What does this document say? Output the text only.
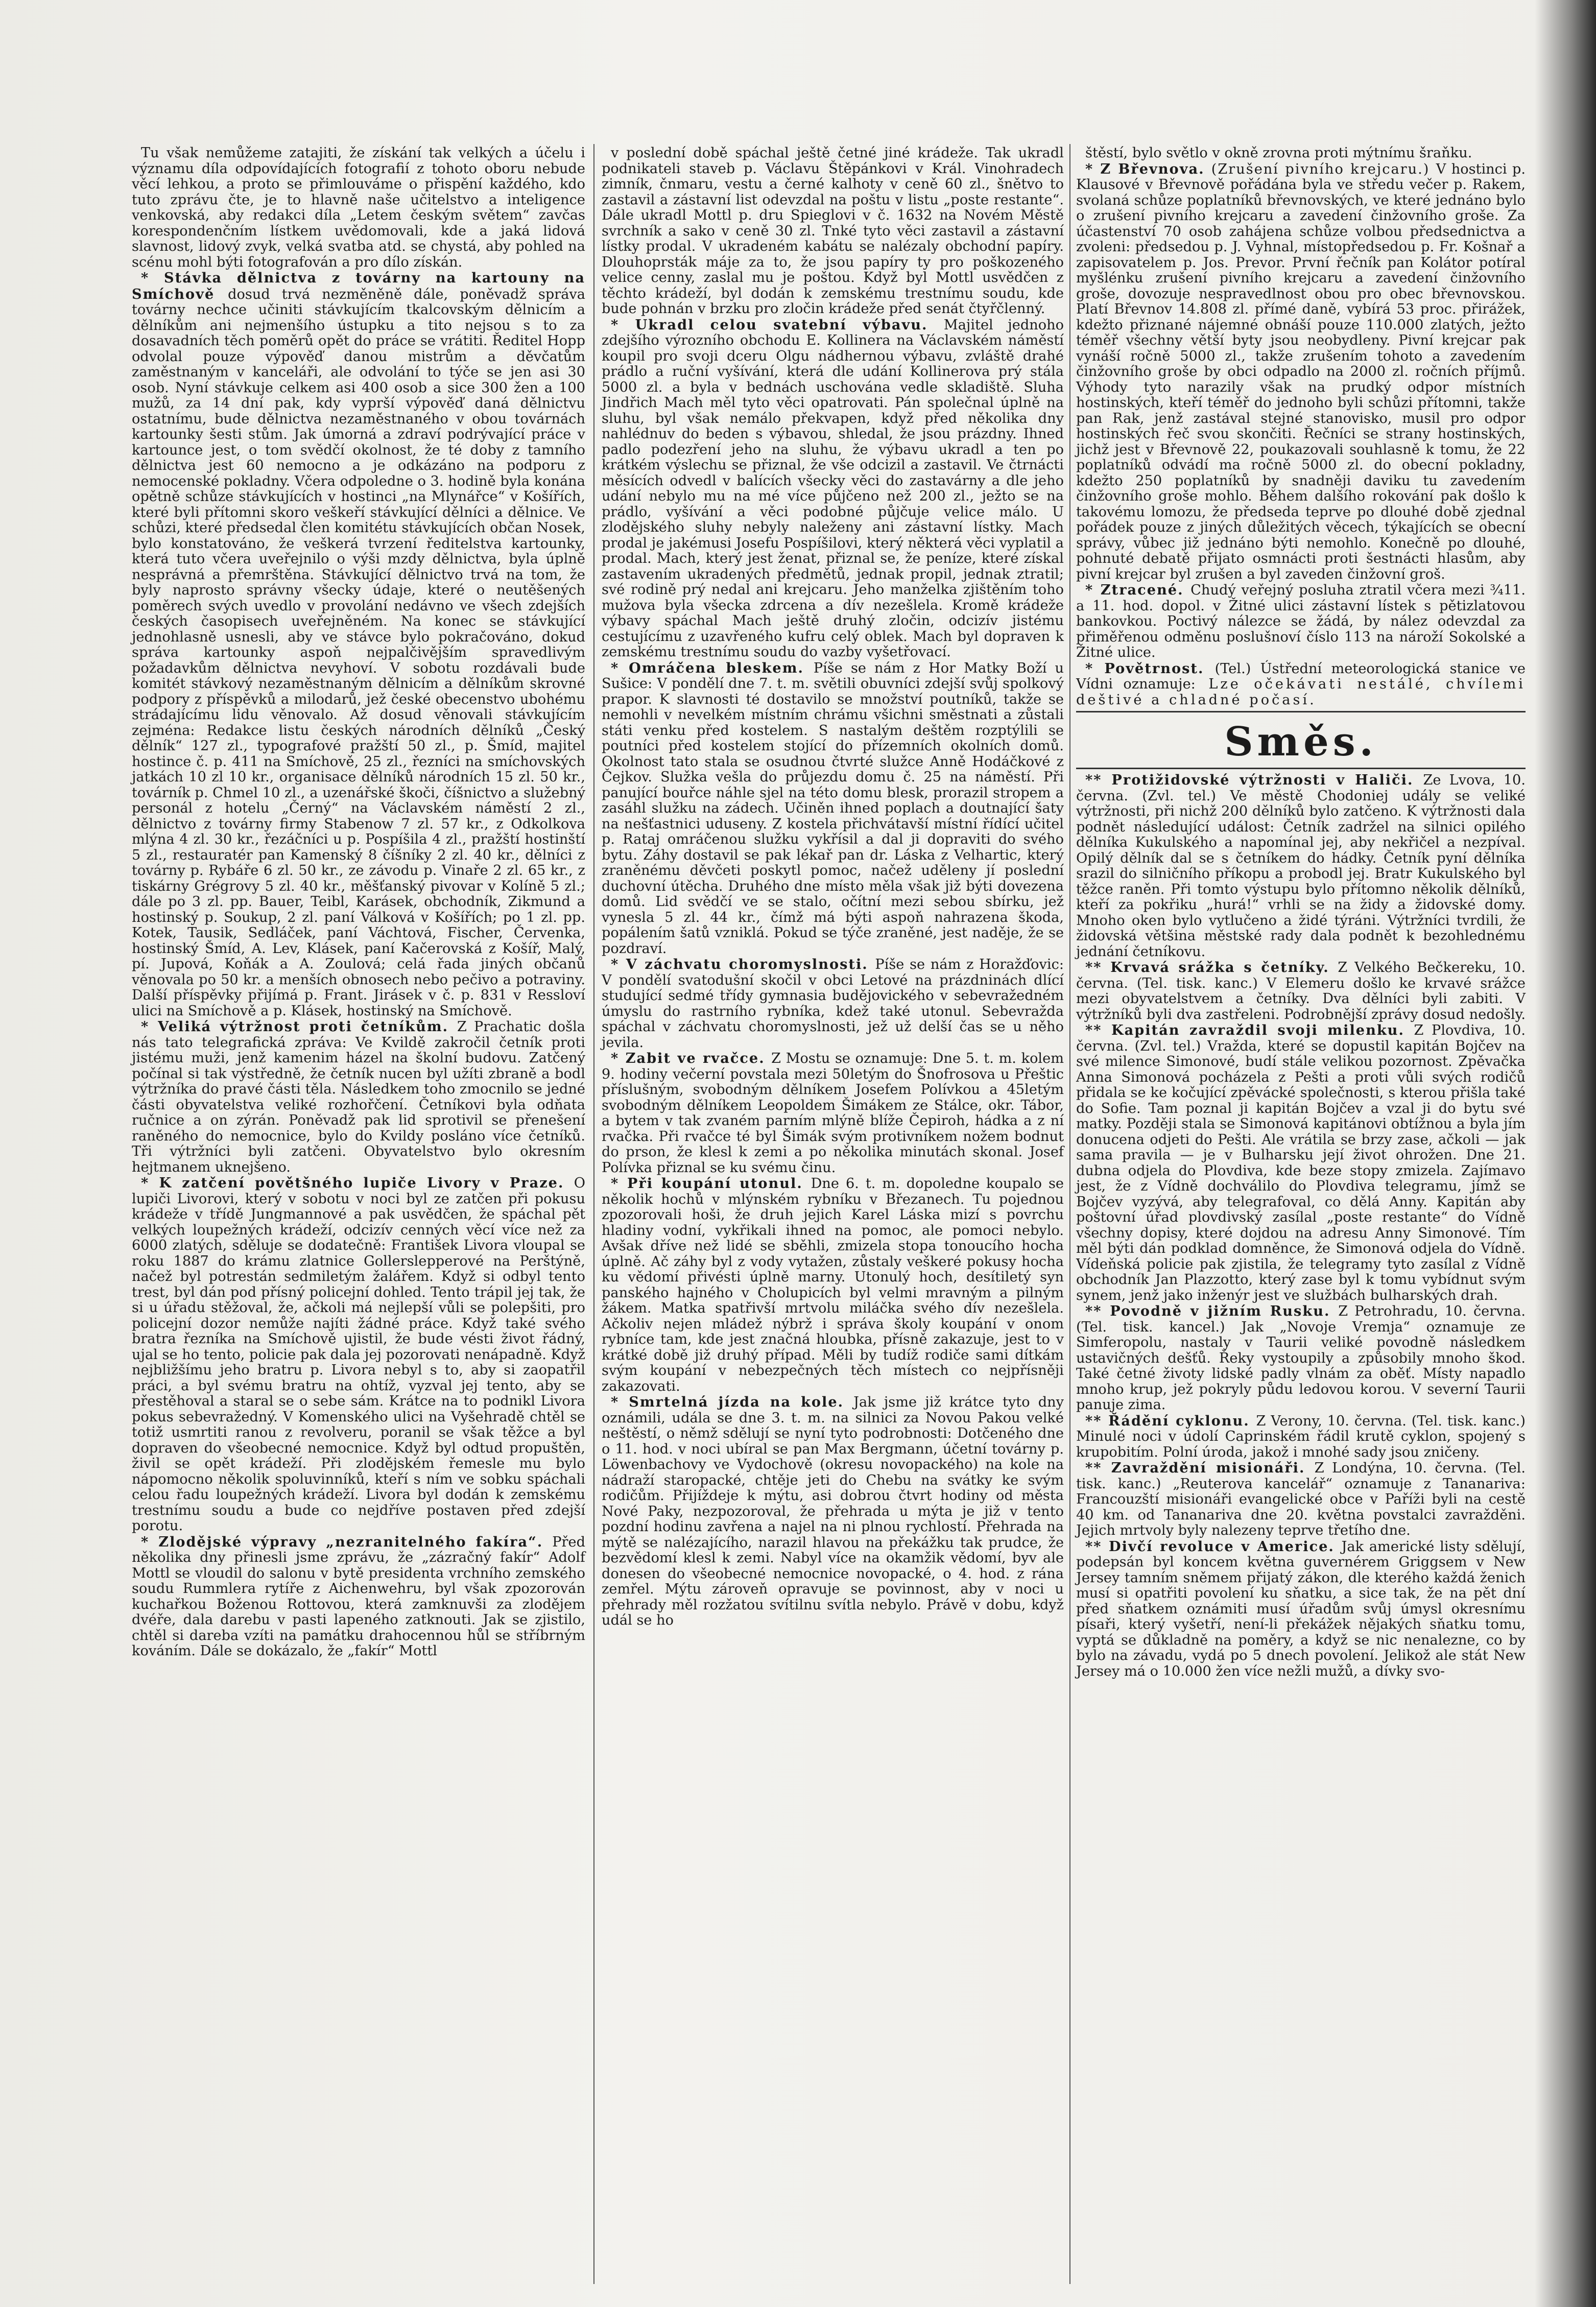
Tu však nemůžeme zatajiti, že získání tak velkých a účelu i významu díla odpovídajících fotografií z tohoto oboru nebude věcí lehkou, a proto se přimlouváme o přispění každého, kdo tuto zprávu čte, je to hlavně naše učitelstvo a inteligence venkovská, aby redakci díla „Letem českým světem“ zavčas korespondenčním lístkem uvědomovali, kde a jaká lidová slavnost, lidový zvyk, velká svatba atd. se chystá, aby pohled na scénu mohl býti fotografován a pro dílo získán.

* Stávka dělnictva z továrny na kartouny na Smíchově dosud trvá nezměněně dále, poněvadž správa továrny nechce učiniti stávkujícím tkalcovským dělnicím a dělníkům ani nejmenšího ústupku a tito nejsou s to za dosavadních těch poměrů opět do práce se vrátiti. Ředitel Hopp odvolal pouze výpověď danou mistrům a děvčatům zaměstnaným v kanceláři, ale odvolání to týče se jen asi 30 osob. Nyní stávkuje celkem asi 400 osob a sice 300 žen a 100 mužů, za 14 dní pak, kdy vyprší výpověď daná dělnictvu ostatnímu, bude dělnictva nezaměstnaného v obou továrnách kartounky šesti stům. Jak úmorná a zdraví podrývající práce v kartounce jest, o tom svědčí okolnost, že té doby z tamního dělnictva jest 60 nemocno a je odkázáno na podporu z nemocenské pokladny. Včera odpoledne o 3. hodině byla konána opětně schůze stávkujících v hostinci „na Mlynářce“ v Košířích, které byli přítomni skoro veškeří stávkující dělníci a dělnice. Ve schůzi, které předsedal člen komitétu stávkujících občan Nosek, bylo konstatováno, že veškerá tvrzení ředitelstva kartounky, která tuto včera uveřejnilo o výši mzdy dělnictva, byla úplně nesprávná a přemrštěna. Stávkující dělnictvo trvá na tom, že byly naprosto správny všecky údaje, které o neutěšených poměrech svých uvedlo v provolání nedávno ve všech zdejších českých časopisech uveřejněném. Na konec se stávkující jednohlasně usnesli, aby ve stávce bylo pokračováno, dokud správa kartounky aspoň nejpalčivějším spravedlivým požadavkům dělnictva nevyhoví. V sobotu rozdávali bude komitét stávkový nezaměstnaným dělnicím a dělníkům skrovné podpory z příspěvků a milodarů, jež české obecenstvo ubohému strádajícímu lidu věnovalo. Až dosud věnovali stávkujícím zejména: Redakce listu českých národních dělníků „Český dělník“ 127 zl., typografové pražští 50 zl., p. Šmíd, majitel hostince č. p. 411 na Smíchově, 25 zl., řezníci na smíchovských jatkách 10 zl 10 kr., organisace dělníků národních 15 zl. 50 kr., továrník p. Chmel 10 zl., a uzenářské škoči, číšnictvo a služebný personál z hotelu „Černý“ na Václavském náměstí 2 zl., dělnictvo z továrny firmy Stabenow 7 zl. 57 kr., z Odkolkova mlýna 4 zl. 30 kr., řezáčníci u p. Pospíšila 4 zl., pražští hostinští 5 zl., restauratér pan Kamenský 8 číšníky 2 zl. 40 kr., dělníci z továrny p. Rybáře 6 zl. 50 kr., ze závodu p. Vinaře 2 zl. 65 kr., z tiskárny Grégrovy 5 zl. 40 kr., měšťanský pivovar v Kolíně 5 zl.; dále po 3 zl. pp. Bauer, Teibl, Karásek, obchodník, Zikmund a hostinský p. Soukup, 2 zl. paní Válková v Košířích; po 1 zl. pp. Kotek, Tausik, Sedláček, paní Váchtová, Fischer, Červenka, hostinský Šmíd, A. Lev, Klásek, paní Kačerovská z Košíř, Malý, pí. Jupová, Koňák a A. Zoulová; celá řada jiných občanů věnovala po 50 kr. a menších obnosech nebo pečivo a potraviny. Další příspěvky přijímá p. Frant. Jirásek v č. p. 831 v Ressloví ulici na Smíchově a p. Klásek, hostinský na Smíchově.

* Veliká výtržnost proti četníkům. Z Prachatic došla nás tato telegrafická zpráva: Ve Kvildě zakročil četník proti jistému muži, jenž kamenim házel na školní budovu. Zatčený počínal si tak výstředně, že četník nucen byl užíti zbraně a bodl výtržníka do pravé části těla. Následkem toho zmocnilo se jedné části obyvatelstva veliké rozhořčení. Četníkovi byla odňata ručnice a on zýrán. Poněvadž pak lid sprotivil se přenešení raněného do nemocnice, bylo do Kvildy posláno více četníků. Tři výtržníci byli zatčeni. Obyvatelstvo bylo okresním hejtmanem uknejšeno.

* K zatčení povětšného lupiče Livory v Praze. O lupiči Livorovi, který v sobotu v noci byl ze zatčen při pokusu krádeže v třídě Jungmannové a pak usvědčen, že spáchal pět velkých loupežných krádeží, odcizív cenných věcí více než za 6000 zlatých, sděluje se dodatečně: František Livora vloupal se roku 1887 do krámu zlatnice Gollerslepperové na Perštýně, načež byl potrestán sedmiletým žalářem. Když si odbyl tento trest, byl dán pod přísný policejní dohled. Tento trápil jej tak, že si u úřadu stěžoval, že, ačkoli má nejlepší vůli se polepšiti, pro policejní dozor nemůže najíti žádné práce. Když také svého bratra řezníka na Smíchově ujistil, že bude vésti život řádný, ujal se ho tento, policie pak dala jej pozorovati nenápadně. Když nejbližšímu jeho bratru p. Livora nebyl s to, aby si zaopatřil práci, a byl svému bratru na ohtíž, vyzval jej tento, aby se přestěhoval a staral se o sebe sám. Krátce na to podnikl Livora pokus sebevražedný. V Komenského ulici na Vyšehradě chtěl se totiž usmrtiti ranou z revolveru, poranil se však těžce a byl dopraven do všeobecné nemocnice. Když byl odtud propuštěn, živil se opět krádeží. Při zlodějském řemesle mu bylo nápomocno několik spoluvinníků, kteří s ním ve sobku spáchali celou řadu loupežných krádeží. Livora byl dodán k zemskému trestnímu soudu a bude co nejdříve postaven před zdejší porotu.

* Zlodějské výpravy „nezranitelného fakíra“. Před několika dny přinesli jsme zprávu, že „zázračný fakír“ Adolf Mottl se vloudil do salonu v bytě presidenta vrchního zemského soudu Rummlera rytíře z Aichenwehru, byl však zpozorován kuchařkou Boženou Rottovou, která zamknuvši za zlodějem dvéře, dala darebu v pasti lapeného zatknouti. Jak se zjistilo, chtěl si dareba vzíti na památku drahocennou hůl se stříbrným kováním. Dále se dokázalo, že „fakír“ Mottl

v poslední době spáchal ještě četné jiné krádeže. Tak ukradl podnikateli staveb p. Václavu Štěpánkovi v Král. Vinohradech zimník, čnmaru, vestu a černé kalhoty v ceně 60 zl., šnětvo to zastavil a zástavní list odevzdal na poštu v listu „poste restante“. Dále ukradl Mottl p. dru Spieglovi v č. 1632 na Novém Městě svrchník a sako v ceně 30 zl. Tnké tyto věci zastavil a zástavní lístky prodal. V ukradeném kabátu se nalézaly obchodní papíry. Dlouhoprsták máje za to, že jsou papíry ty pro poškozeného velice cenny, zaslal mu je poštou. Když byl Mottl usvědčen z těchto krádeží, byl dodán k zemskému trestnímu soudu, kde bude pohnán v brzku pro zločin krádeže před senát čtyřčlenný.

* Ukradl celou svatební výbavu. Majitel jednoho zdejšího výrozního obchodu E. Kollinera na Václavském náměstí koupil pro svoji dceru Olgu nádhernou výbavu, zvláště drahé prádlo a ruční vyšívání, která dle udání Kollinerova prý stála 5000 zl. a byla v bednách uschována vedle skladiště. Sluha Jindřich Mach měl tyto věci opatrovati. Pán společnal úplně na sluhu, byl však nemálo překvapen, když před několika dny nahlédnuv do beden s výbavou, shledal, že jsou prázdny. Ihned padlo podezření jeho na sluhu, že výbavu ukradl a ten po krátkém výslechu se přiznal, že vše odcizil a zastavil. Ve čtrnácti měsících odvedl v balících všecky věci do zastavárny a dle jeho udání nebylo mu na mé více půjčeno než 200 zl., ježto se na prádlo, vyšívání a věci podobné půjčuje velice málo. U zlodějského sluhy nebyly naleženy ani zástavní lístky. Mach prodal je jakémusi Josefu Pospíšilovi, který některá věci vyplatil a prodal. Mach, který jest ženat, přiznal se, že peníze, které získal zastavením ukradených předmětů, jednak propil, jednak ztratil; své rodině prý nedal ani krejcaru. Jeho manželka zjištěním toho mužova byla všecka zdrcena a dív nezešlela. Kromě krádeže výbavy spáchal Mach ještě druhý zločin, odcizív jistému cestujícímu z uzavřeného kufru celý oblek. Mach byl dopraven k zemskému trestnímu soudu do vazby vyšetřovací.

* Omráčena bleskem. Píše se nám z Hor Matky Boží u Sušice: V pondělí dne 7. t. m. světili obuvníci zdejší svůj spolkový prapor. K slavnosti té dostavilo se množství poutníků, takže se nemohli v nevelkém místním chrámu všichni směstnati a zůstali státi venku před kostelem. S nastalým deštěm rozptýlili se poutníci před kostelem stojící do přízemních okolních domů. Okolnost tato stala se osudnou čtvrté služce Anně Hodáčkové z Čejkov. Služka vešla do průjezdu domu č. 25 na náměstí. Při panující bouřce náhle sjel na této domu blesk, prorazil stropem a zasáhl služku na zádech. Učiněn ihned poplach a doutnající šaty na nešťastnici uduseny. Z kostela přichvátavší místní řídící učitel p. Rataj omráčenou služku vykřísil a dal ji dopraviti do svého bytu. Záhy dostavil se pak lékař pan dr. Láska z Velhartic, který zraněnému děvčeti poskytl pomoc, načež uděleny jí poslední duchovní útěcha. Druhého dne místo měla však již býti dovezena domů. Lid svědčí ve se stalo, očítní mezi sebou sbírku, jež vynesla 5 zl. 44 kr., čímž má býti aspoň nahrazena škoda, popálením šatů vzniklá. Pokud se týče zraněné, jest naděje, že se pozdraví.

* V záchvatu choromyslnosti. Píše se nám z Horažďovic: V pondělí svatodušní skočil v obci Letové na prázdninách dlící studující sedmé třídy gymnasia budějovického v sebevražedném úmyslu do rastrního rybníka, kdež také utonul. Sebevražda spáchal v záchvatu choromyslnosti, jež už delší čas se u něho jevila.

* Zabit ve rvačce. Z Mostu se oznamuje: Dne 5. t. m. kolem 9. hodiny večerní povstala mezi 50letým do Šnofrosova u Přeštic příslušným, svobodným dělníkem Josefem Polívkou a 45letým svobodným dělníkem Leopoldem Šimákem ze Stálce, okr. Tábor, a bytem v tak zvaném parním mlýně blíže Čepiroh, hádka a z ní rvačka. Při rvačce té byl Šimák svým protivníkem nožem bodnut do prson, že klesl k zemi a po několika minutách skonal. Josef Polívka přiznal se ku svému činu.

* Při koupání utonul. Dne 6. t. m. dopoledne koupalo se několik hochů v mlýnském rybníku v Březanech. Tu pojednou zpozorovali hoši, že druh jejich Karel Láska mizí s povrchu hladiny vodní, vykřikali ihned na pomoc, ale pomoci nebylo. Avšak dříve než lidé se sběhli, zmizela stopa tonoucího hocha úplně. Ač záhy byl z vody vytažen, zůstaly veškeré pokusy hocha ku vědomí přivésti úplně marny. Utonulý hoch, desítiletý syn panského hajného v Cholupicích byl velmi mravným a pilným žákem. Matka spatřivší mrtvolu miláčka svého dív nezešlela. Ačkoliv nejen mládež nýbrž i správa školy koupání v onom rybníce tam, kde jest značná hloubka, přísně zakazuje, jest to v krátké době již druhý případ. Měli by tudíž rodiče sami dítkám svým koupání v nebezpečných těch místech co nejpřísněji zakazovati.

* Smrtelná jízda na kole. Jak jsme již krátce tyto dny oznámili, udála se dne 3. t. m. na silnici za Novou Pakou velké neštěstí, o němž sdělují se nyní tyto podrobnosti: Dotčeného dne o 11. hod. v noci ubíral se pan Max Bergmann, účetní továrny p. Löwenbachovy ve Vydochově (okresu novopackého) na kole na nádraží staropacké, chtěje jeti do Chebu na svátky ke svým rodičům. Přijíždeje k mýtu, asi dobrou čtvrt hodiny od města Nové Paky, nezpozoroval, že přehrada u mýta je již v tento pozdní hodinu zavřena a najel na ni plnou rychlostí. Přehrada na mýtě se nalézajícího, narazil hlavou na překážku tak prudce, že bezvědomí klesl k zemi. Nabyl více na okamžik vědomí, byv ale donesen do všeobecné nemocnice novopacké, o 4. hod. z rána zemřel. Mýtu zároveň opravuje se povinnost, aby v noci u přehrady měl rozžatou svítilnu svítla nebylo. Právě v dobu, když udál se ho

štěstí, bylo světlo v okně zrovna proti mýtnímu šraňku.

* Z Břevnova. (Zrušení pivního krejcaru.) V hostinci p. Klausové v Břevnově pořádána byla ve středu večer p. Rakem, svolaná schůze poplatníků břevnovských, ve které jednáno bylo o zrušení pivního krejcaru a zavedení činžovního groše. Za účastenství 70 osob zahájena schůze volbou předsednictva a zvoleni: předsedou p. J. Vyhnal, místopředsedou p. Fr. Košnař a zapisovatelem p. Jos. Prevor. První řečník pan Kolátor potíral myšlénku zrušení pivního krejcaru a zavedení činžovního groše, dovozuje nespravedlnost obou pro obec břevnovskou. Platí Břevnov 14.808 zl. přímé daně, vybírá 53 proc. přirážek, kdežto přiznané nájemné obnáší pouze 110.000 zlatých, ježto téměř všechny větší byty jsou neobydleny. Pivní krejcar pak vynáší ročně 5000 zl., takže zrušením tohoto a zavedením činžovního groše by obci odpadlo na 2000 zl. ročních příjmů. Výhody tyto narazily však na prudký odpor místních hostinských, kteří téměř do jednoho byli schůzi přítomni, takže pan Rak, jenž zastával stejné stanovisko, musil pro odpor hostinských řeč svou skončiti. Řečníci se strany hostinských, jichž jest v Břevnově 22, poukazovali souhlasně k tomu, že 22 poplatníků odvádí ma ročně 5000 zl. do obecní pokladny, kdežto 250 poplatníků by snadněji daviku tu zavedením činžovního groše mohlo. Během dalšího rokování pak došlo k takovému lomozu, že předseda teprve po dlouhé době zjednal pořádek pouze z jiných důležitých věcech, týkajících se obecní správy, vůbec již jednáno býti nemohlo. Konečně po dlouhé, pohnuté debatě přijato osmnácti proti šestnácti hlasům, aby pivní krejcar byl zrušen a byl zaveden činžovní groš.

* Ztracené. Chudý veřejný posluha ztratil včera mezi ¾11. a 11. hod. dopol. v Žitné ulici zástavní lístek s pětizlatovou bankovkou. Poctivý nálezce se žádá, by nález odevzdal za přiměřenou odměnu poslušnoví číslo 113 na nároží Sokolské a Žitné ulice.

* Povětrnost. (Tel.) Ústřední meteorologická stanice ve Vídni oznamuje: Lze očekávati nestálé, chvílemi deštivé a chladné počasí.

Směs.

** Protižidovské výtržnosti v Haliči. Ze Lvova, 10. června. (Zvl. tel.) Ve městě Chodoniej udály se veliké výtržnosti, při nichž 200 dělníků bylo zatčeno. K výtržnosti dala podnět následující událost: Četník zadržel na silnici opilého dělníka Kukulského a napomínal jej, aby nekřičel a nezpíval. Opilý dělník dal se s četníkem do hádky. Četník pyní dělníka srazil do silničního příkopu a probodl jej. Bratr Kukulského byl těžce raněn. Při tomto výstupu bylo přítomno několik dělníků, kteří za pokřiku „hurá!“ vrhli se na židy a židovské domy. Mnoho oken bylo vytlučeno a židé týráni. Výtržníci tvrdili, že židovská většina městské rady dala podnět k bezohlednému jednání četníkovu.

** Krvavá srážka s četníky. Z Velkého Bečkereku, 10. června. (Tel. tisk. kanc.) V Elemeru došlo ke krvavé srážce mezi obyvatelstvem a četníky. Dva dělníci byli zabiti. V výtržníků byli dva zastřeleni. Podrobnější zprávy dosud nedošly.

** Kapitán zavraždil svoji milenku. Z Plovdiva, 10. června. (Zvl. tel.) Vražda, které se dopustil kapitán Bojčev na své milence Simonové, budí stále velikou pozornost. Zpěvačka Anna Simonová pocházela z Pešti a proti vůli svých rodičů přidala se ke kočující zpěvácké společnosti, s kterou přišla také do Sofie. Tam poznal ji kapitán Bojčev a vzal ji do bytu své matky. Později stala se Simonová kapitánovi obtížnou a byla jím donucena odjeti do Pešti. Ale vrátila se brzy zase, ačkoli — jak sama pravila — je v Bulharsku její život ohrožen. Dne 21. dubna odjela do Plovdiva, kde beze stopy zmizela. Zajímavo jest, že z Vídně dochválilo do Plovdiva telegramu, jímž se Bojčev vyzývá, aby telegrafoval, co dělá Anny. Kapitán aby poštovní úřad plovdivský zasílal „poste restante“ do Vídně všechny dopisy, které dojdou na adresu Anny Simonové. Tím měl býti dán podklad domněnce, že Simonová odjela do Vídně. Vídeňská policie pak zjistila, že telegramy tyto zasílal z Vídně obchodník Jan Plazzotto, který zase byl k tomu vybídnut svým synem, jenž jako inženýr jest ve službách bulharských drah.

** Povodně v jižním Rusku. Z Petrohradu, 10. června. (Tel. tisk. kancel.) Jak „Novoje Vremja“ oznamuje ze Simferopolu, nastaly v Taurii veliké povodně následkem ustavičných dešťů. Řeky vystoupily a způsobily mnoho škod. Také četné životy lidské padly vlnám za oběť. Místy napadlo mnoho krup, jež pokryly půdu ledovou korou. V severní Taurii panuje zima.

** Řádění cyklonu. Z Verony, 10. června. (Tel. tisk. kanc.) Minulé noci v údolí Caprinském řádil krutě cyklon, spojený s krupobitím. Polní úroda, jakož i mnohé sady jsou zničeny.

** Zavraždění misionáři. Z Londýna, 10. června. (Tel. tisk. kanc.) „Reuterova kancelář“ oznamuje z Tananariva: Francouzští misionáři evangelické obce v Paříži byli na cestě 40 km. od Tananariva dne 20. května povstalci zavražděni. Jejich mrtvoly byly nalezeny teprve třetího dne.

** Divčí revoluce v Americe. Jak americké listy sdělují, podepsán byl koncem května guvernérem Griggsem v New Jersey tamním sněmem přijatý zákon, dle kterého každá ženich musí si opatřiti povolení ku sňatku, a sice tak, že na pět dní před sňatkem oznámiti musí úřadům svůj úmysl okresnímu písaři, který vyšetří, není-li překážek nějakých sňatku tomu, vyptá se důkladně na poměry, a když se nic nenalezne, co by bylo na závadu, vydá po 5 dnech povolení. Jelikož ale stát New Jersey má o 10.000 žen více nežli mužů, a dívky svo-
